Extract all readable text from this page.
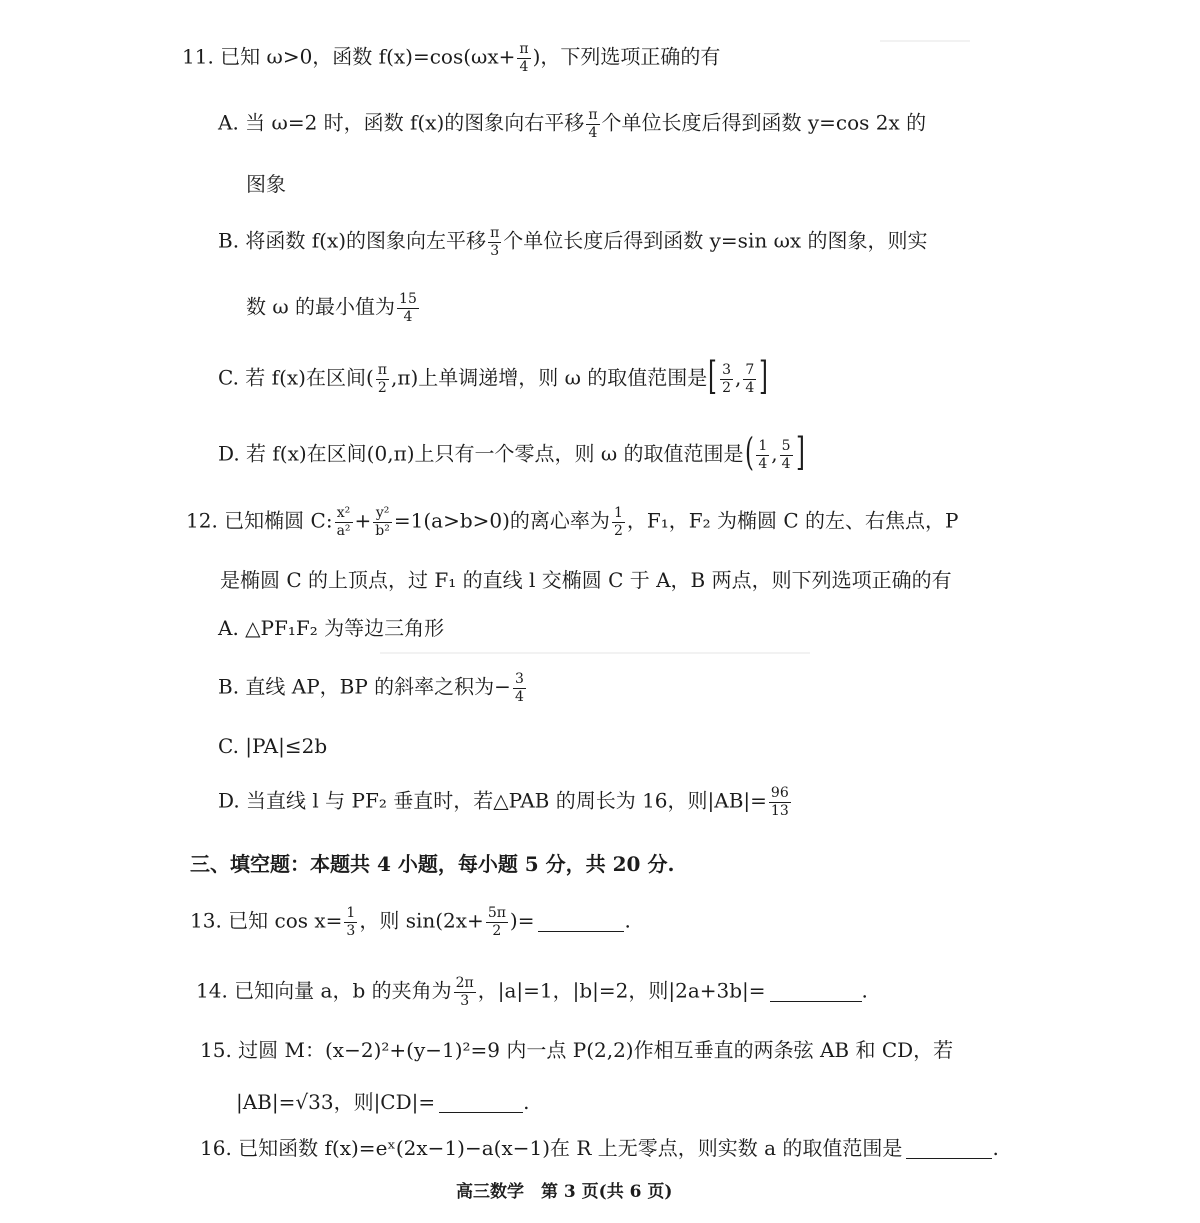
11. 已知 ω>0，函数 $f(x)=\cos(\omega x+ \frac{\pi}{4}$ )，下列选项正确的有
A. 当 ω=2 时，函数 f(x)的图象向右平移 $\frac{\pi}{4}$ 个单位长度后得到函数 y=cos 2x 的
图象
B. 将函数 f(x)的图象向左平移 $\frac{\pi}{3}$ 个单位长度后得到函数 y=sin ωx 的图象，则实
数 ω 的最小值为 $\frac{15}{4}$
C. 若 f(x)在区间( $\frac{\pi}{2} ,\pi$)上单调递增，则 ω 的取值范围是[ $\frac{3}{2}$ , $\frac{7}{4}$ ]
D. 若 f(x)在区间(0,π)上只有一个零点，则 ω 的取值范围是( $\frac{1}{4}$ , $\frac{5}{4}$ ]
12. 已知椭圆 C: $\frac{\text{x²}}{\text{a²}} + \frac{\text{y²}}{\text{b²}} =1(a>b>0)$的离心率为 $\frac{1}{2}$ ，F₁，F₂ 为椭圆 C 的左、右焦点，P
是椭圆 C 的上顶点，过 F₁ 的直线 l 交椭圆 C 于 A，B 两点，则下列选项正确的有
A. △PF₁F₂ 为等边三角形
B. 直线 AP，BP 的斜率之积为− $\frac{3}{4}$
C. |PA|≤2b
D. 当直线 l 与 PF₂ 垂直时，若△PAB 的周长为 16，则$|AB|= \frac{96}{13}$
三、填空题：本题共 4 小题，每小题 5 分，共 20 分.
13. 已知 $\cos x= \frac{1}{3}$ ，则 $\sin(2x+ \frac{5\pi}{2}$ )=	.
14. 已知向量 a，b 的夹角为 $\frac{2\pi}{3}$ ，|a|=1，|b|=2，则|2a+3b|=	.
15. 过圆 M：(x−2)²+(y−1)²=9 内一点 P(2,2)作相互垂直的两条弦 AB 和 CD，若
|AB|=√33，则|CD|=	.
16. 已知函数 f(x)=eˣ(2x−1)−a(x−1)在 R 上无零点，则实数 a 的取值范围是	.
高三数学　第 3 页(共 6 页)
